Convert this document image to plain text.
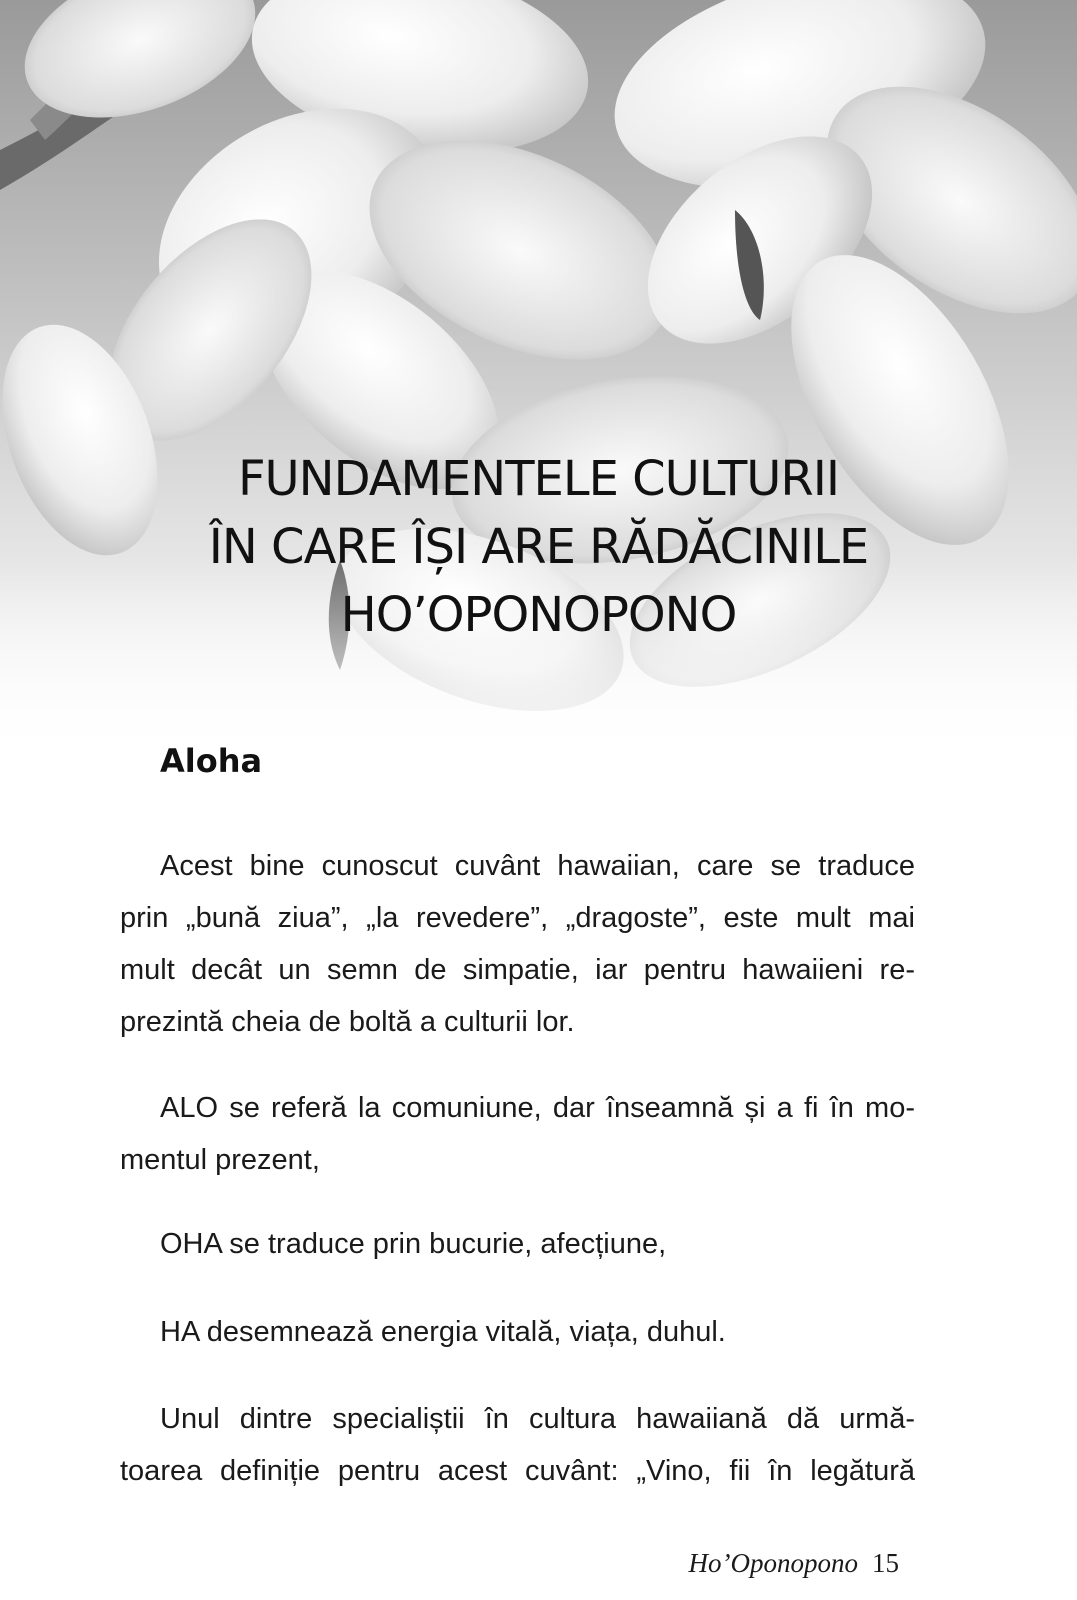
FUNDAMENTELE CULTURII
ÎN CARE ÎȘI ARE RĂDĂCINILE
HO’OPONOPONO
Aloha

Acest bine cunoscut cuvânt hawaiian, care se traduce
prin „bună ziua”, „la revedere”, „dragoste”, este mult mai
mult decât un semn de simpatie, iar pentru hawaiieni re-
prezintă cheia de boltă a culturii lor.

ALO se referă la comuniune, dar înseamnă și a fi în mo-
mentul prezent,

OHA se traduce prin bucurie, afecțiune,

HA desemnează energia vitală, viața, duhul.

Unul dintre specialiștii în cultura hawaiiană dă urmă-
toarea definiție pentru acest cuvânt: „Vino, fii în legătură

Ho’Oponopono 15
